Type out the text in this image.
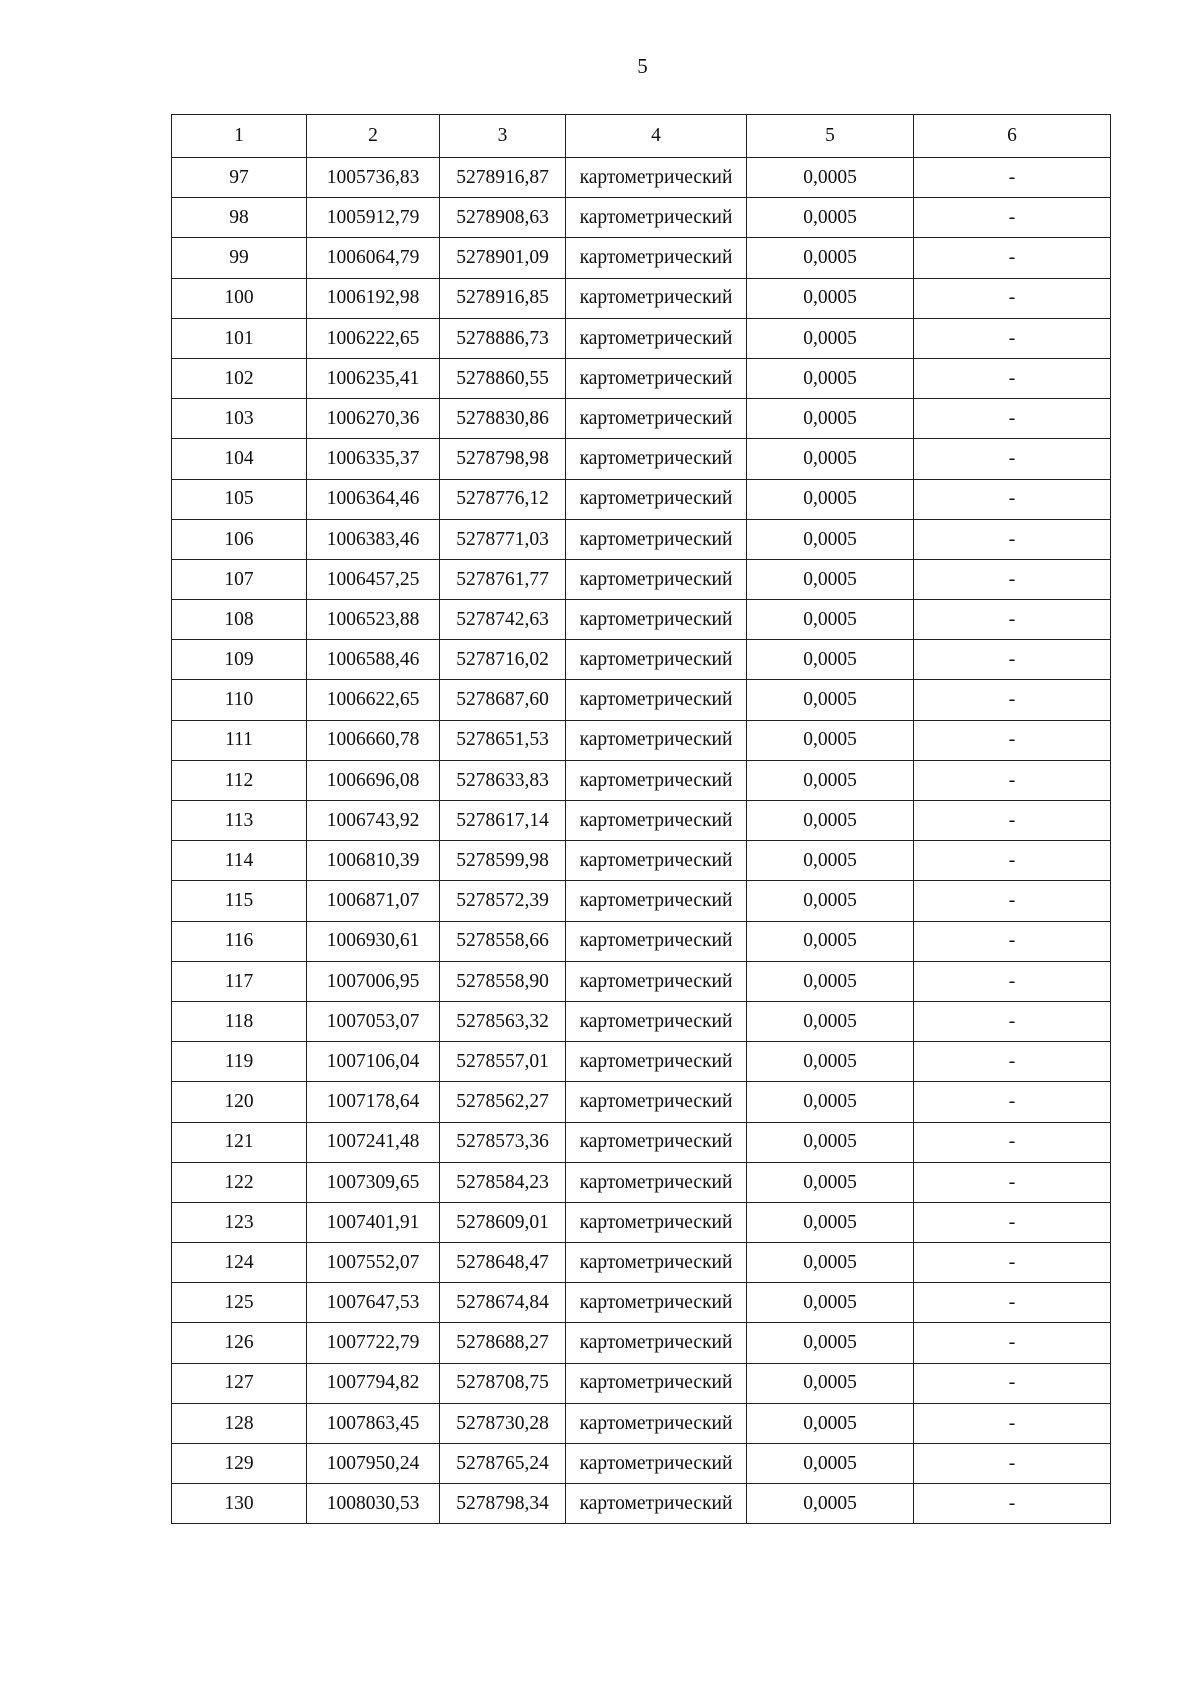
5
1	2	3	4	5	6
97	1005736,83	5278916,87	картометрический	0,0005	-
98	1005912,79	5278908,63	картометрический	0,0005	-
99	1006064,79	5278901,09	картометрический	0,0005	-
100	1006192,98	5278916,85	картометрический	0,0005	-
101	1006222,65	5278886,73	картометрический	0,0005	-
102	1006235,41	5278860,55	картометрический	0,0005	-
103	1006270,36	5278830,86	картометрический	0,0005	-
104	1006335,37	5278798,98	картометрический	0,0005	-
105	1006364,46	5278776,12	картометрический	0,0005	-
106	1006383,46	5278771,03	картометрический	0,0005	-
107	1006457,25	5278761,77	картометрический	0,0005	-
108	1006523,88	5278742,63	картометрический	0,0005	-
109	1006588,46	5278716,02	картометрический	0,0005	-
110	1006622,65	5278687,60	картометрический	0,0005	-
111	1006660,78	5278651,53	картометрический	0,0005	-
112	1006696,08	5278633,83	картометрический	0,0005	-
113	1006743,92	5278617,14	картометрический	0,0005	-
114	1006810,39	5278599,98	картометрический	0,0005	-
115	1006871,07	5278572,39	картометрический	0,0005	-
116	1006930,61	5278558,66	картометрический	0,0005	-
117	1007006,95	5278558,90	картометрический	0,0005	-
118	1007053,07	5278563,32	картометрический	0,0005	-
119	1007106,04	5278557,01	картометрический	0,0005	-
120	1007178,64	5278562,27	картометрический	0,0005	-
121	1007241,48	5278573,36	картометрический	0,0005	-
122	1007309,65	5278584,23	картометрический	0,0005	-
123	1007401,91	5278609,01	картометрический	0,0005	-
124	1007552,07	5278648,47	картометрический	0,0005	-
125	1007647,53	5278674,84	картометрический	0,0005	-
126	1007722,79	5278688,27	картометрический	0,0005	-
127	1007794,82	5278708,75	картометрический	0,0005	-
128	1007863,45	5278730,28	картометрический	0,0005	-
129	1007950,24	5278765,24	картометрический	0,0005	-
130	1008030,53	5278798,34	картометрический	0,0005	-
